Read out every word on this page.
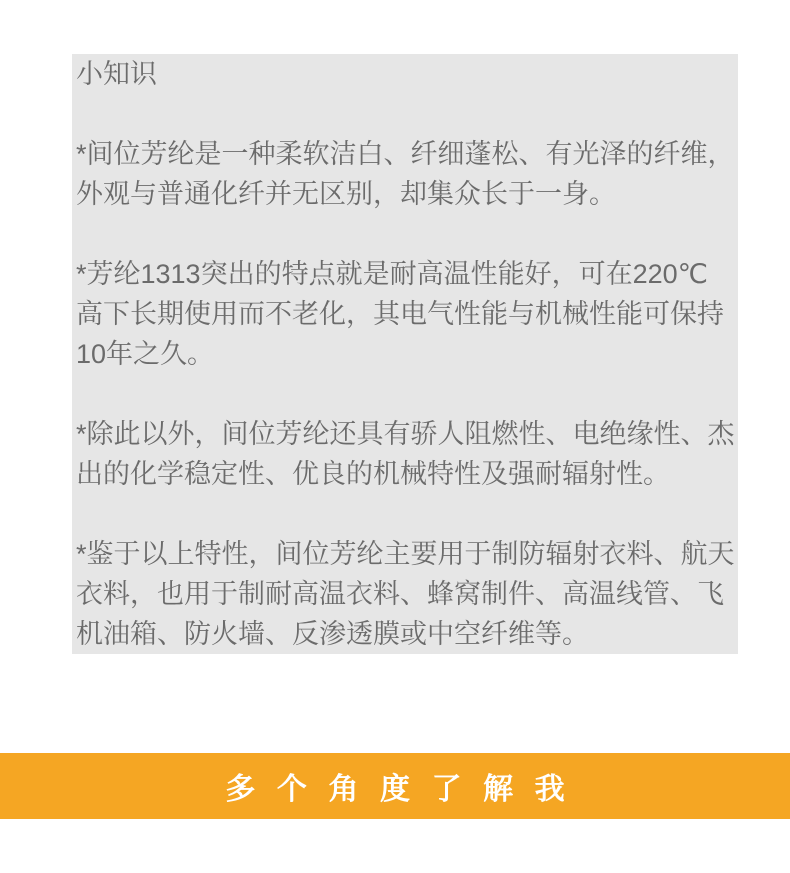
小知识

*间位芳纶是一种柔软洁白、纤细蓬松、有光泽的纤维，
外观与普通化纤并无区别，却集众长于一身。

*芳纶1313突出的特点就是耐高温性能好，可在220℃
高下长期使用而不老化，其电气性能与机械性能可保持
10年之久。

*除此以外，间位芳纶还具有骄人阻燃性、电绝缘性、杰
出的化学稳定性、优良的机械特性及强耐辐射性。

*鉴于以上特性，间位芳纶主要用于制防辐射衣料、航天
衣料，也用于制耐高温衣料、蜂窝制件、高温线管、飞
机油箱、防火墙、反渗透膜或中空纤维等。

多 个 角 度 了 解 我
